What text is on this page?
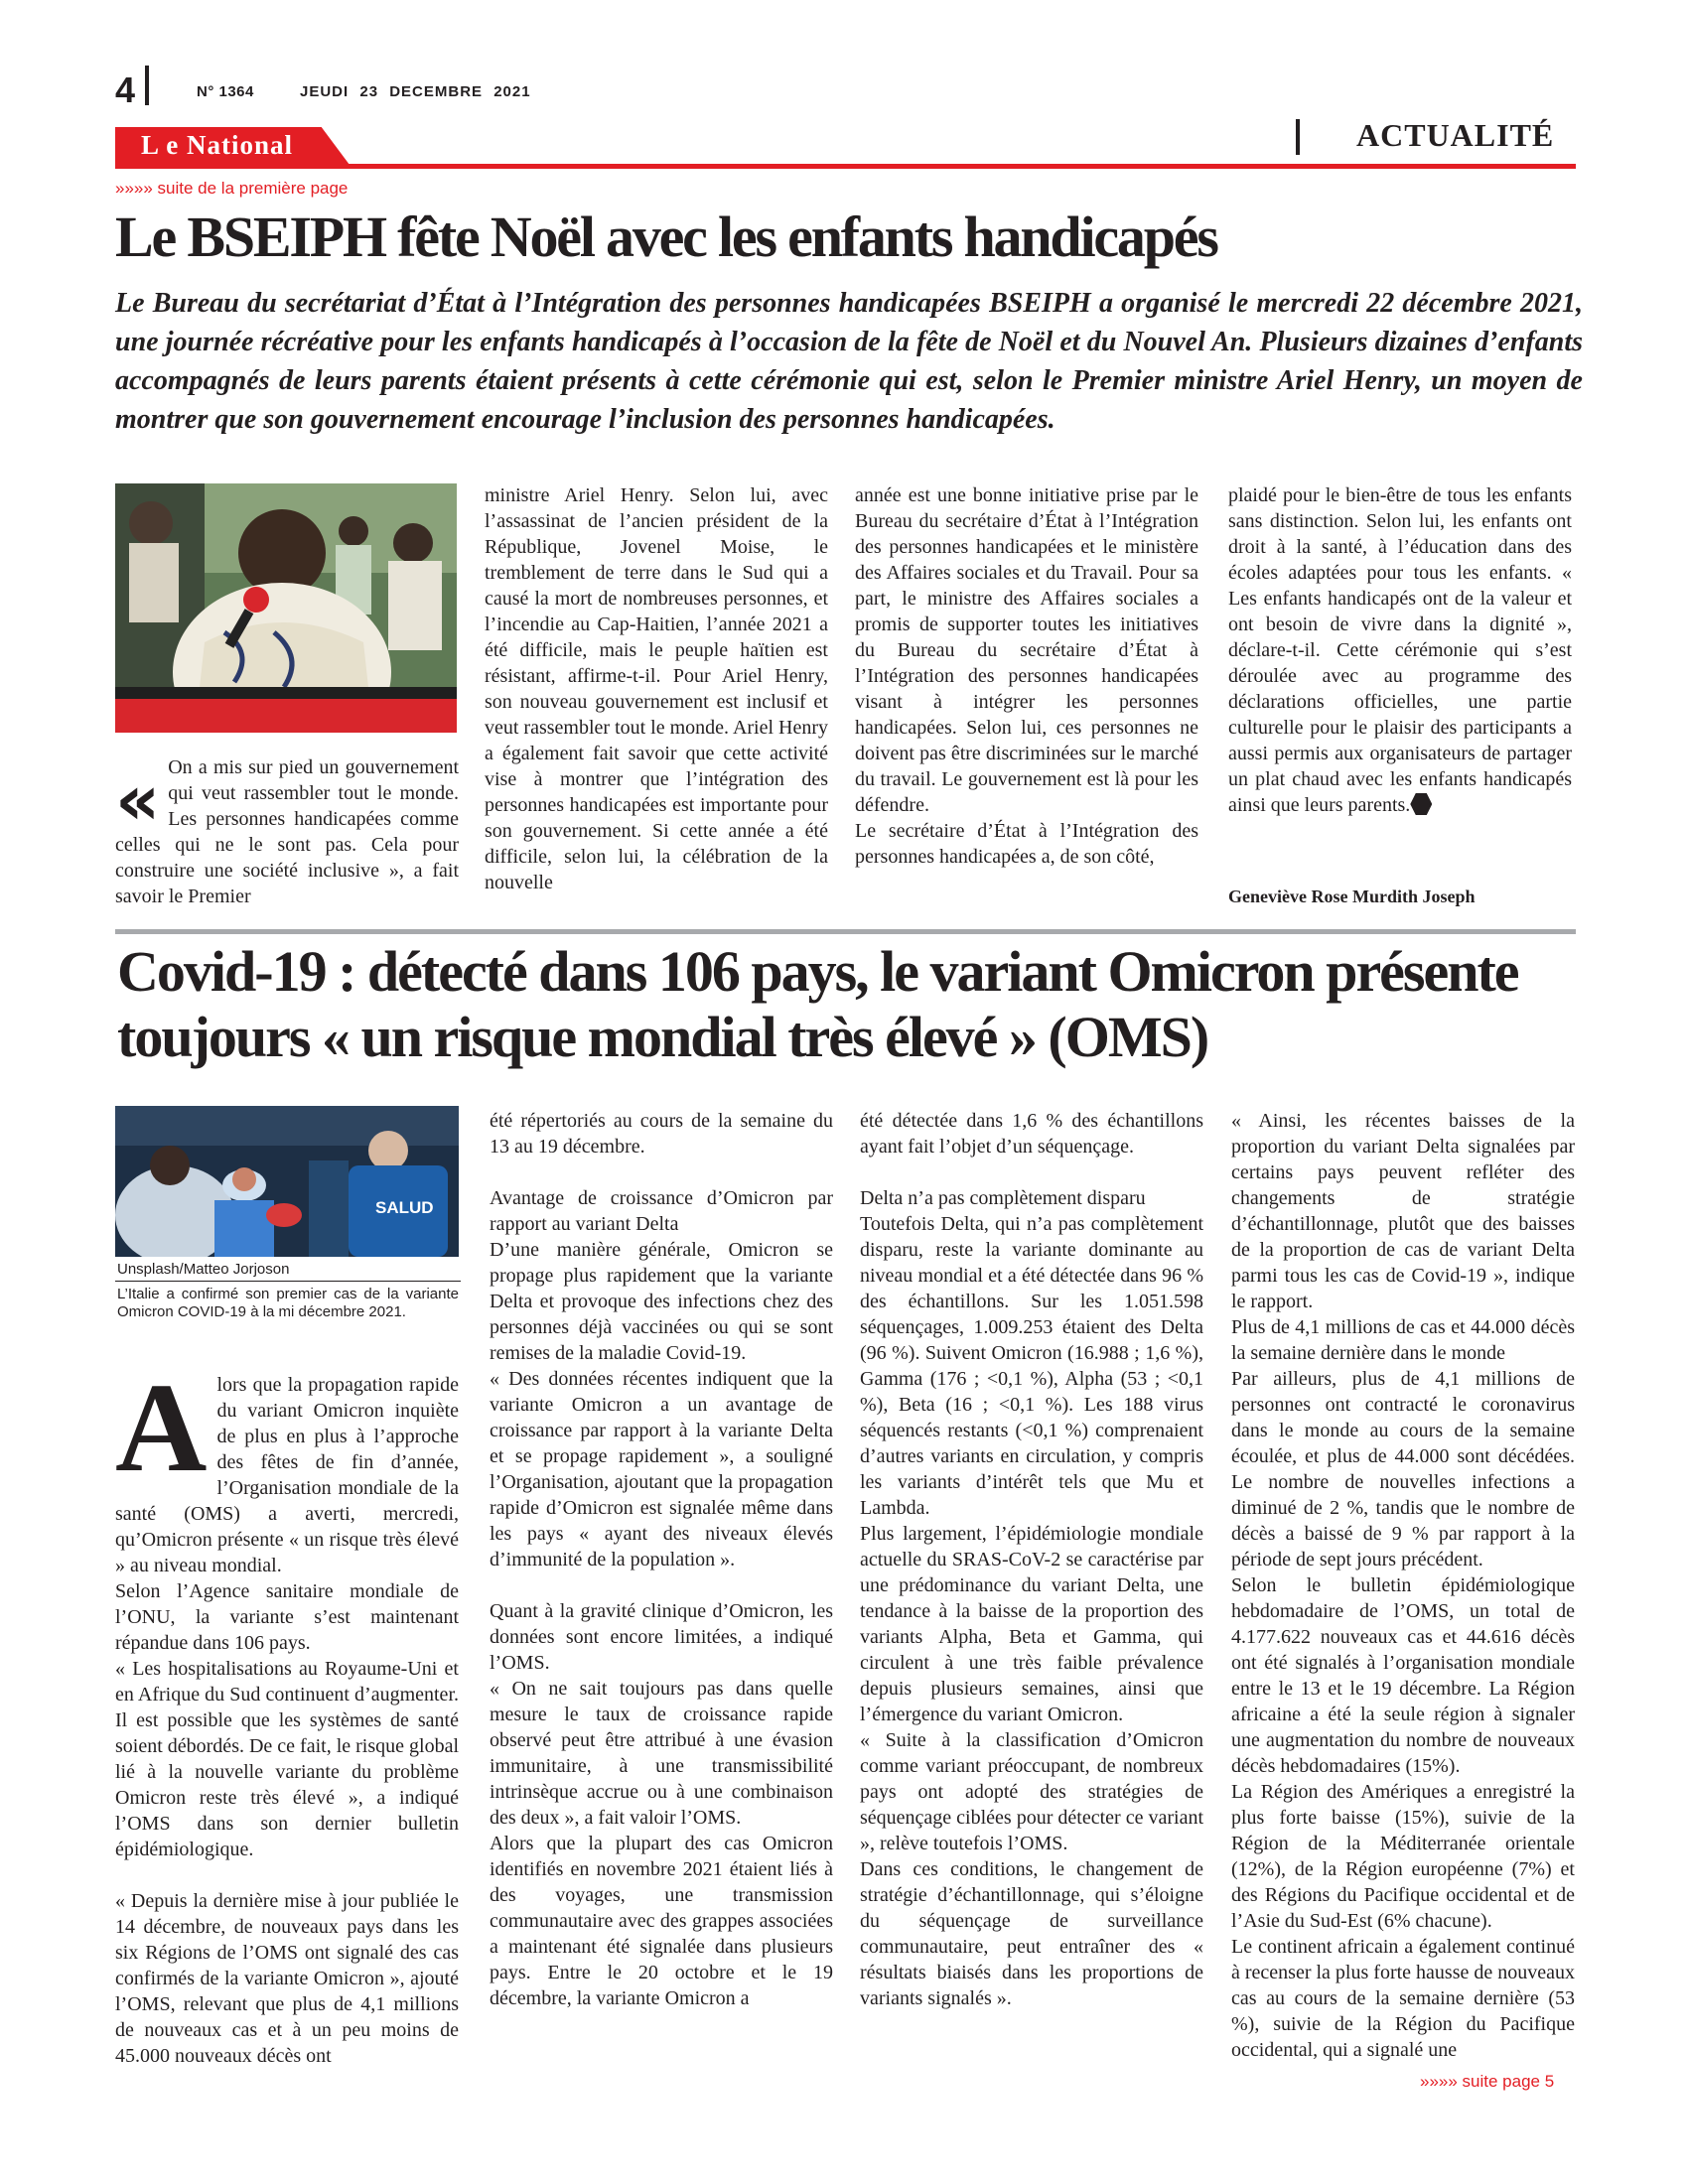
4	N° 1364	JEUDI 23 DECEMBRE 2021
L e National	ACTUALITÉ
»»»» suite de la première page
Le BSEIPH fête Noël avec les enfants handicapés
Le Bureau du secrétariat d’État à l’Intégration des personnes handicapées BSEIPH a organisé le mercredi 22 décembre 2021, une journée récréative pour les enfants handicapés à l’occasion de la fête de Noël et du Nouvel An. Plusieurs dizaines d’enfants accompagnés de leurs parents étaient présents à cette cérémonie qui est, selon le Premier ministre Ariel Henry, un moyen de montrer que son gouvernement encourage l’inclusion des personnes handicapées.
« On a mis sur pied un gouvernement qui veut rassembler tout le monde. Les personnes handicapées comme celles qui ne le sont pas. Cela pour construire une société inclusive », a fait savoir le Premier

ministre Ariel Henry. Selon lui, avec l’assassinat de l’ancien président de la République, Jovenel Moise, le tremblement de terre dans le Sud qui a causé la mort de nombreuses personnes, et l’incendie au Cap-Haitien, l’année 2021 a été difficile, mais le peuple haïtien est résistant, affirme-t-il. Pour Ariel Henry, son nouveau gouvernement est inclusif et veut rassembler tout le monde. Ariel Henry a également fait savoir que cette activité vise à montrer que l’intégration des personnes handicapées est importante pour son gouvernement. Si cette année a été difficile, selon lui, la célébration de la nouvelle

année est une bonne initiative prise par le Bureau du secrétaire d’État à l’Intégration des personnes handicapées et le ministère des Affaires sociales et du Travail. Pour sa part, le ministre des Affaires sociales a promis de supporter toutes les initiatives du Bureau du secrétaire d’État à l’Intégration des personnes handicapées visant à intégrer les personnes handicapées. Selon lui, ces personnes ne doivent pas être discriminées sur le marché du travail. Le gouvernement est là pour les défendre.

Le secrétaire d’État à l’Intégration des personnes handicapées a, de son côté,

plaidé pour le bien-être de tous les enfants sans distinction. Selon lui, les enfants ont droit à la santé, à l’éducation dans des écoles adaptées pour tous les enfants. « Les enfants handicapés ont de la valeur et ont besoin de vivre dans la dignité », déclare-t-il. Cette cérémonie qui s’est déroulée avec au programme des déclarations officielles, une partie culturelle pour le plaisir des participants a aussi permis aux organisateurs de partager un plat chaud avec les enfants handicapés ainsi que leurs parents.
Geneviève Rose Murdith Joseph
Covid-19 : détecté dans 106 pays, le variant Omicron présente toujours « un risque mondial très élevé » (OMS)
SALUD
Unsplash/Matteo Jorjoson
L’Italie a confirmé son premier cas de la variante Omicron COVID-19 à la mi décembre 2021.
A lors que la propagation rapide du variant Omicron inquiète de plus en plus à l’approche des fêtes de fin d’année, l’Organisation mondiale de la santé (OMS) a averti, mercredi, qu’Omicron présente « un risque très élevé » au niveau mondial.

Selon l’Agence sanitaire mondiale de l’ONU, la variante s’est maintenant répandue dans 106 pays.

« Les hospitalisations au Royaume-Uni et en Afrique du Sud continuent d’augmenter. Il est possible que les systèmes de santé soient débordés. De ce fait, le risque global lié à la nouvelle variante du problème Omicron reste très élevé », a indiqué l’OMS dans son dernier bulletin épidémiologique.

« Depuis la dernière mise à jour publiée le 14 décembre, de nouveaux pays dans les six Régions de l’OMS ont signalé des cas confirmés de la variante Omicron », ajouté l’OMS, relevant que plus de 4,1 millions de nouveaux cas et à un peu moins de 45.000 nouveaux décès ont

été répertoriés au cours de la semaine du 13 au 19 décembre.

Avantage de croissance d’Omicron par rapport au variant Delta

D’une manière générale, Omicron se propage plus rapidement que la variante Delta et provoque des infections chez des personnes déjà vaccinées ou qui se sont remises de la maladie Covid-19.

« Des données récentes indiquent que la variante Omicron a un avantage de croissance par rapport à la variante Delta et se propage rapidement », a souligné l’Organisation, ajoutant que la propagation rapide d’Omicron est signalée même dans les pays « ayant des niveaux élevés d’immunité de la population ».

Quant à la gravité clinique d’Omicron, les données sont encore limitées, a indiqué l’OMS.

« On ne sait toujours pas dans quelle mesure le taux de croissance rapide observé peut être attribué à une évasion immunitaire, à une transmissibilité intrinsèque accrue ou à une combinaison des deux », a fait valoir l’OMS.

Alors que la plupart des cas Omicron identifiés en novembre 2021 étaient liés à des voyages, une transmission communautaire avec des grappes associées a maintenant été signalée dans plusieurs pays. Entre le 20 octobre et le 19 décembre, la variante Omicron a

été détectée dans 1,6 % des échantillons ayant fait l’objet d’un séquençage.

Delta n’a pas complètement disparu

Toutefois Delta, qui n’a pas complètement disparu, reste la variante dominante au niveau mondial et a été détectée dans 96 % des échantillons. Sur les 1.051.598 séquençages, 1.009.253 étaient des Delta (96 %). Suivent Omicron (16.988 ; 1,6 %), Gamma (176 ; <0,1 %), Alpha (53 ; <0,1 %), Beta (16 ; <0,1 %). Les 188 virus séquencés restants (<0,1 %) comprenaient d’autres variants en circulation, y compris les variants d’intérêt tels que Mu et Lambda.

Plus largement, l’épidémiologie mondiale actuelle du SRAS-CoV-2 se caractérise par une prédominance du variant Delta, une tendance à la baisse de la proportion des variants Alpha, Beta et Gamma, qui circulent à une très faible prévalence depuis plusieurs semaines, ainsi que l’émergence du variant Omicron.

« Suite à la classification d’Omicron comme variant préoccupant, de nombreux pays ont adopté des stratégies de séquençage ciblées pour détecter ce variant », relève toutefois l’OMS.

Dans ces conditions, le changement de stratégie d’échantillonnage, qui s’éloigne du séquençage de surveillance communautaire, peut entraîner des « résultats biaisés dans les proportions de variants signalés ».

« Ainsi, les récentes baisses de la proportion du variant Delta signalées par certains pays peuvent refléter des changements de stratégie d’échantillonnage, plutôt que des baisses de la proportion de cas de variant Delta parmi tous les cas de Covid-19 », indique le rapport.

Plus de 4,1 millions de cas et 44.000 décès la semaine dernière dans le monde

Par ailleurs, plus de 4,1 millions de personnes ont contracté le coronavirus dans le monde au cours de la semaine écoulée, et plus de 44.000 sont décédées. Le nombre de nouvelles infections a diminué de 2 %, tandis que le nombre de décès a baissé de 9 % par rapport à la période de sept jours précédent.

Selon le bulletin épidémiologique hebdomadaire de l’OMS, un total de 4.177.622 nouveaux cas et 44.616 décès ont été signalés à l’organisation mondiale entre le 13 et le 19 décembre. La Région africaine a été la seule région à signaler une augmentation du nombre de nouveaux décès hebdomadaires (15%).

La Région des Amériques a enregistré la plus forte baisse (15%), suivie de la Région de la Méditerranée orientale (12%), de la Région européenne (7%) et des Régions du Pacifique occidental et de l’Asie du Sud-Est (6% chacune).

Le continent africain a également continué à recenser la plus forte hausse de nouveaux cas au cours de la semaine dernière (53 %), suivie de la Région du Pacifique occidental, qui a signalé une

»»»» suite page 5
